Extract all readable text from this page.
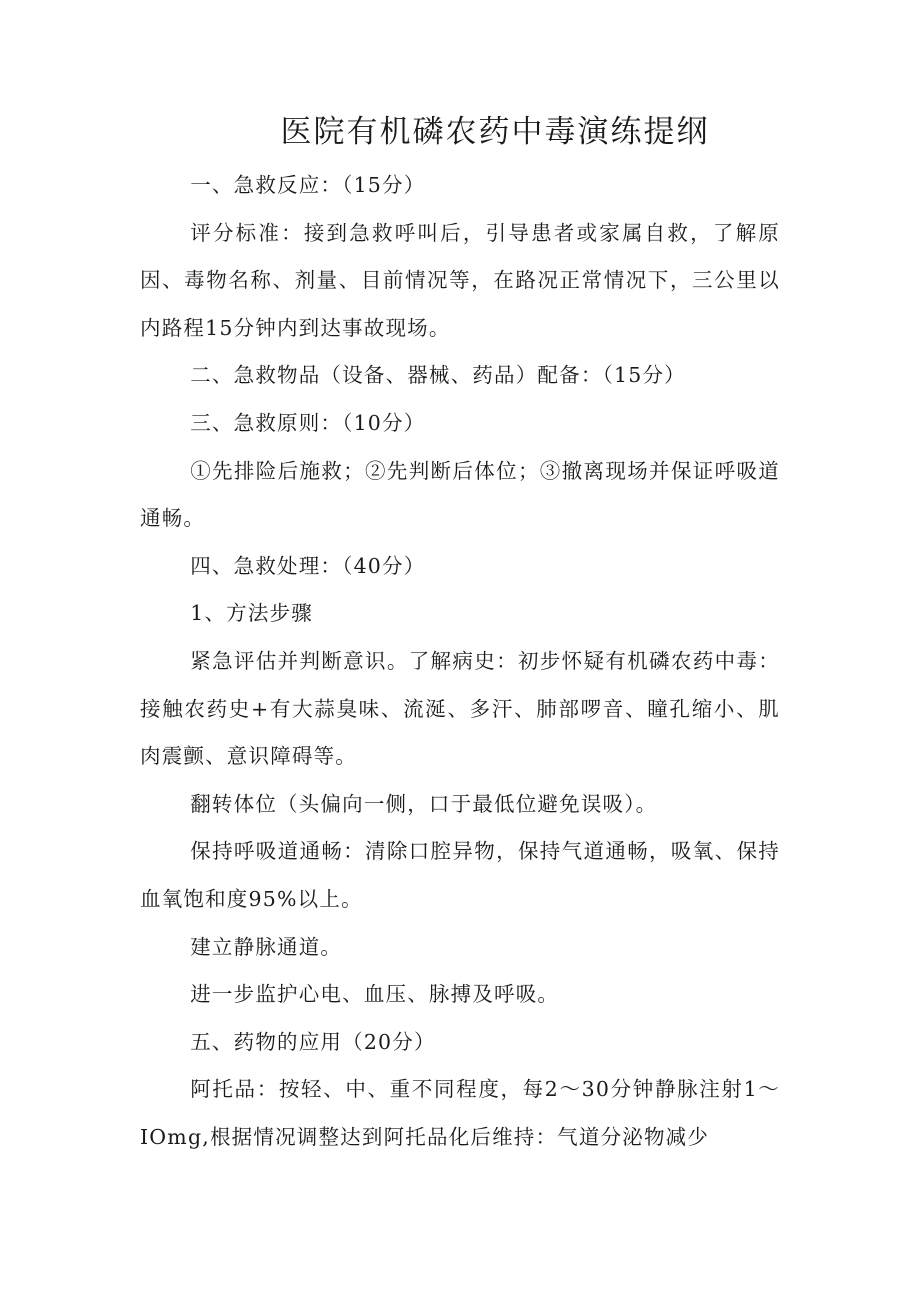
医院有机磷农药中毒演练提纲

一、急救反应：（15分）

评分标准：接到急救呼叫后，引导患者或家属自救，了解原因、毒物名称、剂量、目前情况等，在路况正常情况下，三公里以内路程15分钟内到达事故现场。

二、急救物品（设备、器械、药品）配备：（15分）

三、急救原则：（10分）

①先排险后施救；②先判断后体位；③撤离现场并保证呼吸道通畅。

四、急救处理：（40分）

1、方法步骤

紧急评估并判断意识。了解病史：初步怀疑有机磷农药中毒：接触农药史+有大蒜臭味、流涎、多汗、肺部啰音、瞳孔缩小、肌肉震颤、意识障碍等。

翻转体位（头偏向一侧，口于最低位避免误吸）。

保持呼吸道通畅：清除口腔异物，保持气道通畅，吸氧、保持血氧饱和度95%以上。

建立静脉通道。

进一步监护心电、血压、脉搏及呼吸。

五、药物的应用（20分）

阿托品：按轻、中、重不同程度，每2～30分钟静脉注射1～IOmg,根据情况调整达到阿托品化后维持：气道分泌物减少
